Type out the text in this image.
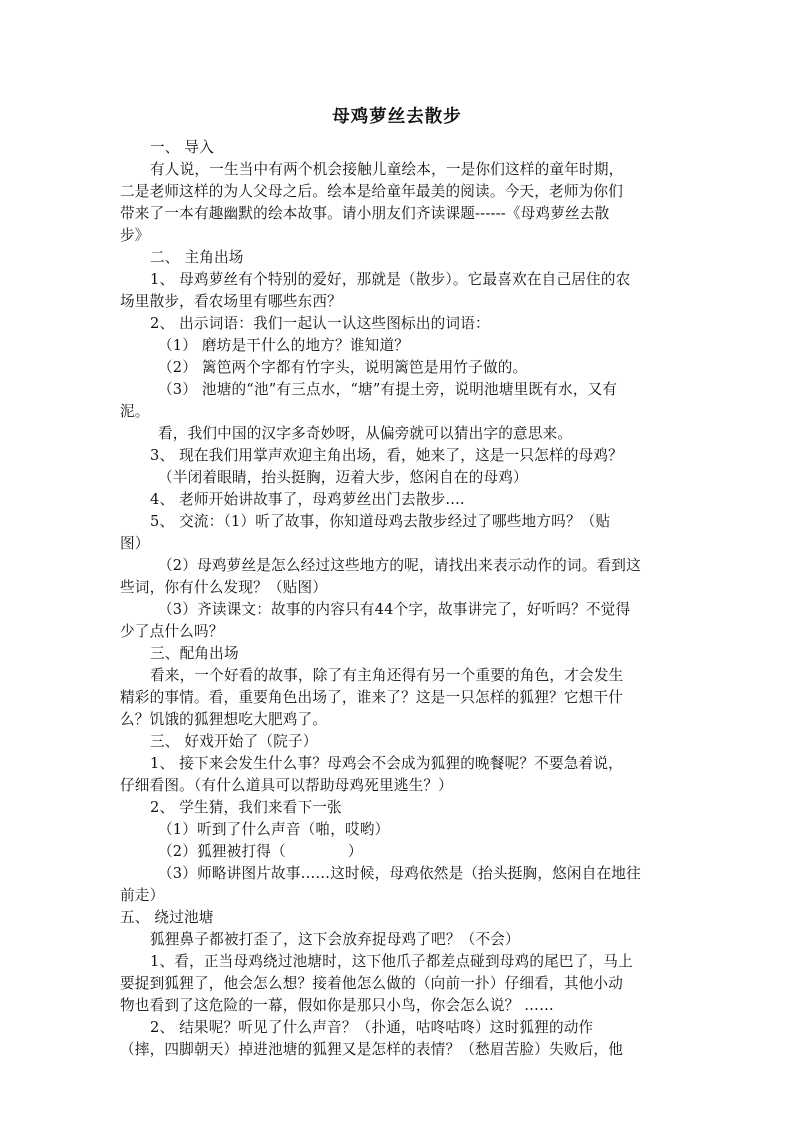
母鸡萝丝去散步
一、 导入
有人说，一生当中有两个机会接触儿童绘本，一是你们这样的童年时期，
二是老师这样的为人父母之后。绘本是给童年最美的阅读。今天，老师为你们
带来了一本有趣幽默的绘本故事。请小朋友们齐读课题------《母鸡萝丝去散
步》
二、 主角出场
1、 母鸡萝丝有个特别的爱好，那就是（散步）。它最喜欢在自己居住的农
场里散步，看农场里有哪些东西？
2、 出示词语：我们一起认一认这些图标出的词语：
（1） 磨坊是干什么的地方？谁知道？
（2） 篱笆两个字都有竹字头，说明篱笆是用竹子做的。
（3） 池塘的“池”有三点水，“塘”有提土旁，说明池塘里既有水，又有
泥。
看，我们中国的汉字多奇妙呀，从偏旁就可以猜出字的意思来。
3、 现在我们用掌声欢迎主角出场，看，她来了，这是一只怎样的母鸡？
（半闭着眼睛，抬头挺胸，迈着大步，悠闲自在的母鸡）
4、 老师开始讲故事了，母鸡萝丝出门去散步....
5、 交流：（1）听了故事，你知道母鸡去散步经过了哪些地方吗？（贴
图）
（2）母鸡萝丝是怎么经过这些地方的呢，请找出来表示动作的词。看到这
些词，你有什么发现？（贴图）
（3）齐读课文：故事的内容只有44个字，故事讲完了，好听吗？不觉得
少了点什么吗？
三、配角出场
看来，一个好看的故事，除了有主角还得有另一个重要的角色，才会发生
精彩的事情。看，重要角色出场了，谁来了？这是一只怎样的狐狸？它想干什
么？饥饿的狐狸想吃大肥鸡了。
三、 好戏开始了（院子）
1、 接下来会发生什么事？母鸡会不会成为狐狸的晚餐呢？不要急着说，
仔细看图。（有什么道具可以帮助母鸡死里逃生？）
2、 学生猜，我们来看下一张
（1）听到了什么声音（啪，哎哟）
（2）狐狸被打得（	）
（3）师略讲图片故事……这时候，母鸡依然是（抬头挺胸，悠闲自在地往
前走）
五、 绕过池塘
狐狸鼻子都被打歪了，这下会放弃捉母鸡了吧？（不会）
1、看，正当母鸡绕过池塘时，这下他爪子都差点碰到母鸡的尾巴了，马上
要捉到狐狸了，他会怎么想？接着他怎么做的（向前一扑）仔细看，其他小动
物也看到了这危险的一幕，假如你是那只小鸟，你会怎么说？ ……
2、 结果呢？听见了什么声音？（扑通，咕咚咕咚）这时狐狸的动作
（摔，四脚朝天）掉进池塘的狐狸又是怎样的表情？（愁眉苦脸）失败后，他
